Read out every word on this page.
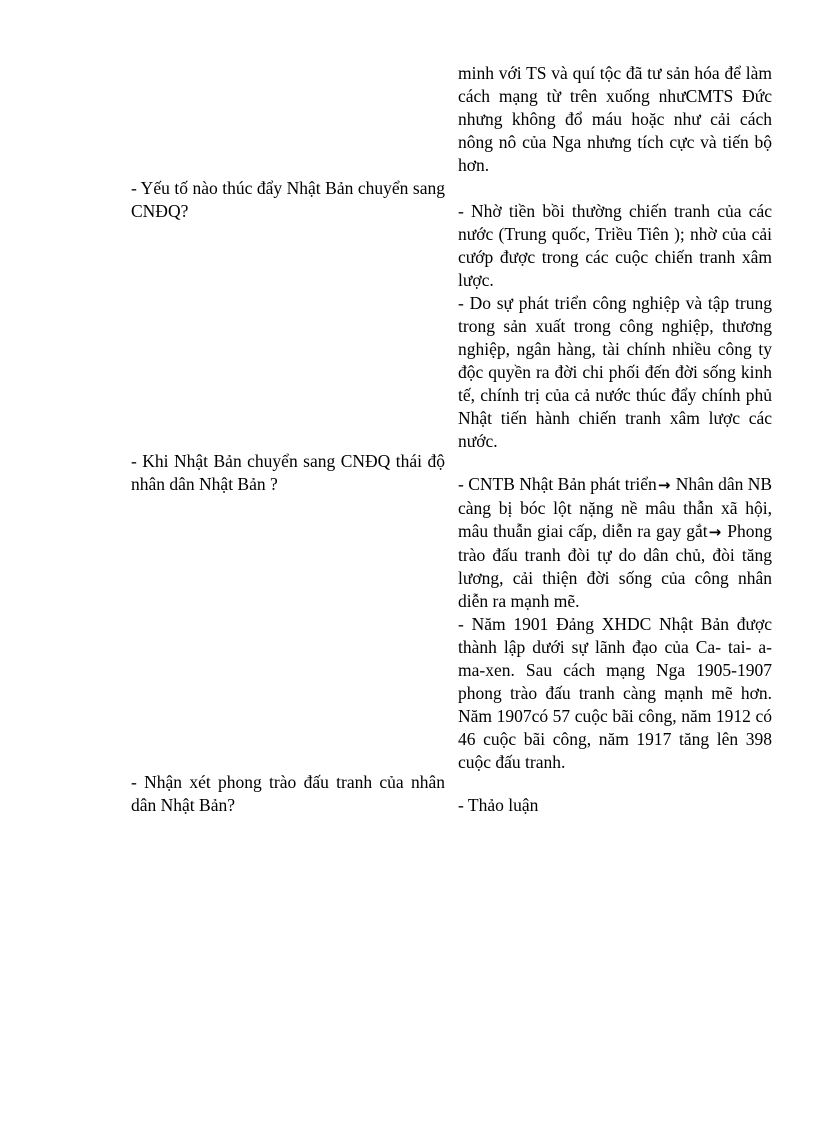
minh với TS và quí tộc đã tư sản hóa để làm cách mạng từ trên xuống nhưCMTS Đức nhưng không đổ máu hoặc như cải cách nông nô của Nga nhưng tích cực và tiến bộ hơn.

- Yếu tố nào thúc đẩy Nhật Bản chuyển sang CNĐQ?	- Nhờ tiền bồi thường chiến tranh của các nước (Trung quốc, Triều Tiên ); nhờ của cải cướp được trong các cuộc chiến tranh xâm lược.

- Do sự phát triển công nghiệp và tập trung trong sản xuất trong công nghiệp, thương nghiệp, ngân hàng, tài chính nhiều công ty độc quyền ra đời chi phối đến đời sống kinh tế, chính trị của cả nước thúc đẩy chính phủ Nhật tiến hành chiến tranh xâm lược các nước.

- Khi Nhật Bản chuyển sang CNĐQ thái độ nhân dân Nhật Bản ?	- CNTB Nhật Bản phát triển→ Nhân dân NB càng bị bóc lột nặng nề mâu thẫn xã hội, mâu thuẫn giai cấp, diễn ra gay gắt→ Phong trào đấu tranh đòi tự do dân chủ, đòi tăng lương, cải thiện đời sống của công nhân diễn ra mạnh mẽ.

- Năm 1901 Đảng XHDC Nhật Bản được thành lập dưới sự lãnh đạo của Ca- tai- a-ma-xen. Sau cách mạng Nga 1905-1907 phong trào đấu tranh càng mạnh mẽ hơn. Năm 1907có 57 cuộc bãi công, năm 1912 có 46 cuộc bãi công, năm 1917 tăng lên 398 cuộc đấu tranh.

- Nhận xét phong trào đấu tranh của nhân dân Nhật Bản?	- Thảo luận
